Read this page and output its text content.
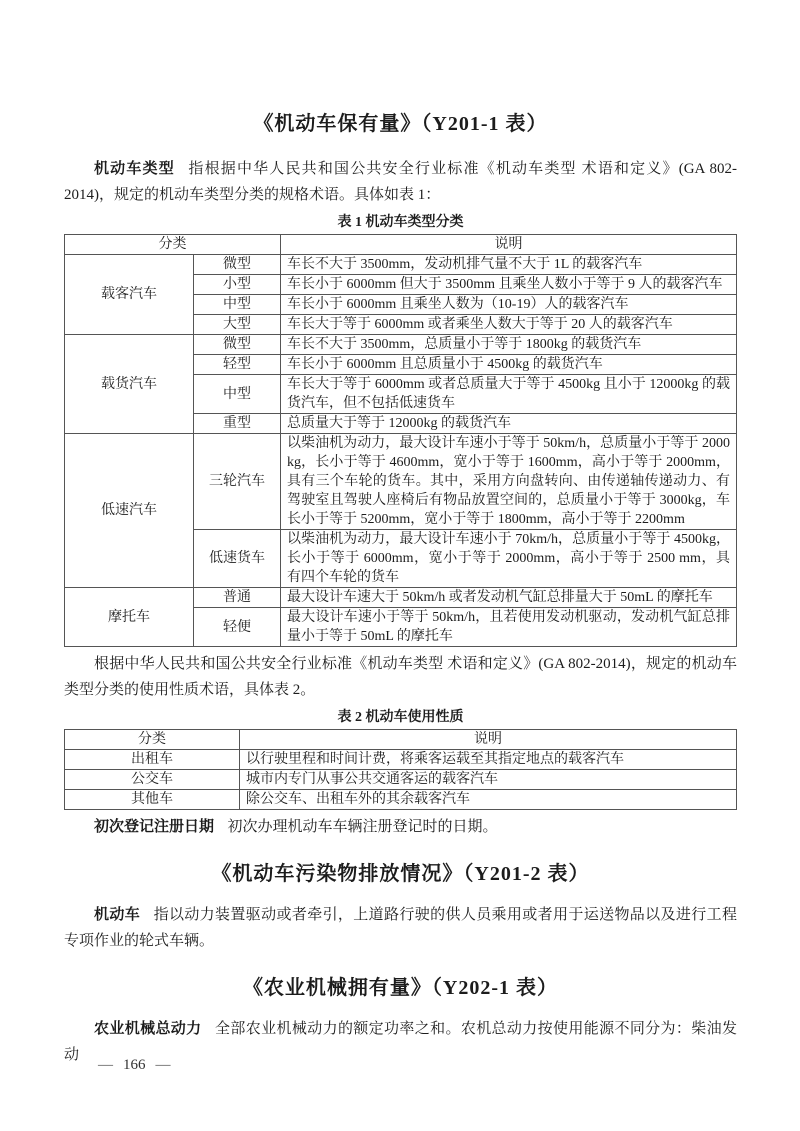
《机动车保有量》（Y201-1 表）

机动车类型 指根据中华人民共和国公共安全行业标准《机动车类型 术语和定义》(GA 802-2014)，规定的机动车类型分类的规格术语。具体如表 1：

表 1 机动车类型分类
分类		说明
载客汽车	微型	车长不大于 3500mm，发动机排气量不大于 1L 的载客汽车
	小型	车长小于 6000mm 但大于 3500mm 且乘坐人数小于等于 9 人的载客汽车
	中型	车长小于 6000mm 且乘坐人数为（10-19）人的载客汽车
	大型	车长大于等于 6000mm 或者乘坐人数大于等于 20 人的载客汽车
载货汽车	微型	车长不大于 3500mm，总质量小于等于 1800kg 的载货汽车
	轻型	车长小于 6000mm 且总质量小于 4500kg 的载货汽车
	中型	车长大于等于 6000mm 或者总质量大于等于 4500kg 且小于 12000kg 的载货汽车，但不包括低速货车
	重型	总质量大于等于 12000kg 的载货汽车
低速汽车	三轮汽车	以柴油机为动力，最大设计车速小于等于 50km/h，总质量小于等于 2000kg，长小于等于 4600mm，宽小于等于 1600mm，高小于等于 2000mm，具有三个车轮的货车。其中，采用方向盘转向、由传递轴传递动力、有驾驶室且驾驶人座椅后有物品放置空间的，总质量小于等于 3000kg，车长小于等于 5200mm，宽小于等于 1800mm，高小于等于 2200mm
	低速货车	以柴油机为动力，最大设计车速小于 70km/h，总质量小于等于 4500kg，长小于等于 6000mm，宽小于等于 2000mm，高小于等于 2500 mm，具有四个车轮的货车
摩托车	普通	最大设计车速大于 50km/h 或者发动机气缸总排量大于 50mL 的摩托车
	轻便	最大设计车速小于等于 50km/h，且若使用发动机驱动，发动机气缸总排量小于等于 50mL 的摩托车

根据中华人民共和国公共安全行业标准《机动车类型 术语和定义》(GA 802-2014)，规定的机动车类型分类的使用性质术语，具体表 2。

表 2 机动车使用性质
分类	说明
出租车	以行驶里程和时间计费，将乘客运载至其指定地点的载客汽车
公交车	城市内专门从事公共交通客运的载客汽车
其他车	除公交车、出租车外的其余载客汽车

初次登记注册日期 初次办理机动车车辆注册登记时的日期。

《机动车污染物排放情况》（Y201-2 表）

机动车 指以动力装置驱动或者牵引，上道路行驶的供人员乘用或者用于运送物品以及进行工程专项作业的轮式车辆。

《农业机械拥有量》（Y202-1 表）

农业机械总动力 全部农业机械动力的额定功率之和。农机总动力按使用能源不同分为：柴油发动

— 166 —
